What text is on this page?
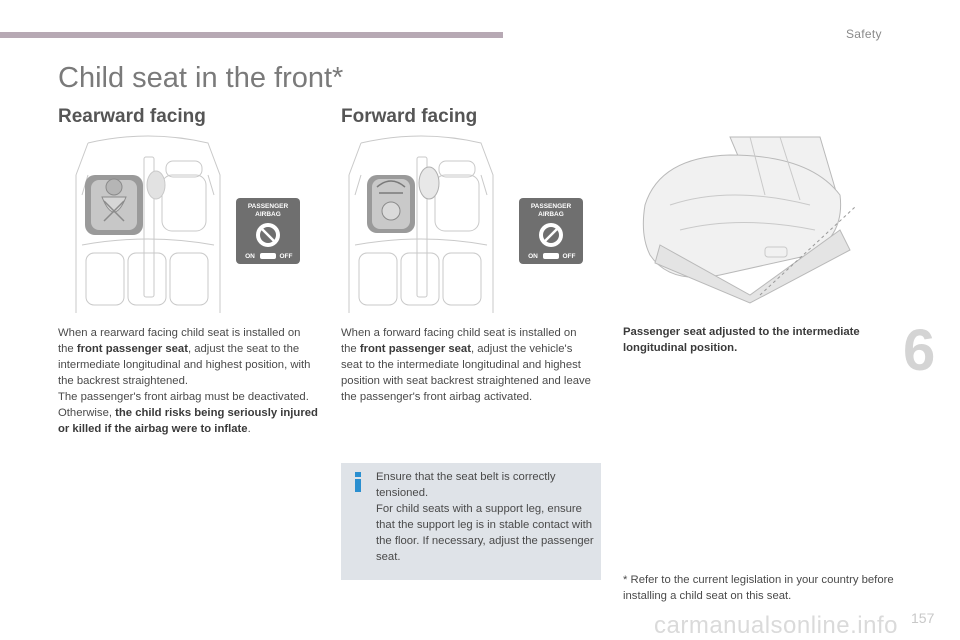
Safety
6
157
carmanualsonline.info
Child seat in the front*
Rearward facing	Forward facing
PASSENGER
AIRBAG
ON	OFF
PASSENGER
AIRBAG
ON	OFF
When a rearward facing child seat is installed on the front passenger seat, adjust the seat to the intermediate longitudinal and highest position, with the backrest straightened.
The passenger's front airbag must be deactivated. Otherwise, the child risks being seriously injured or killed if the airbag were to inflate.
When a forward facing child seat is installed on the front passenger seat, adjust the vehicle's seat to the intermediate longitudinal and highest position with seat backrest straightened and leave the passenger's front airbag activated.
Passenger seat adjusted to the intermediate longitudinal position.
Ensure that the seat belt is correctly tensioned.
For child seats with a support leg, ensure that the support leg is in stable contact with the floor. If necessary, adjust the passenger seat.
* Refer to the current legislation in your country before installing a child seat on this seat.
